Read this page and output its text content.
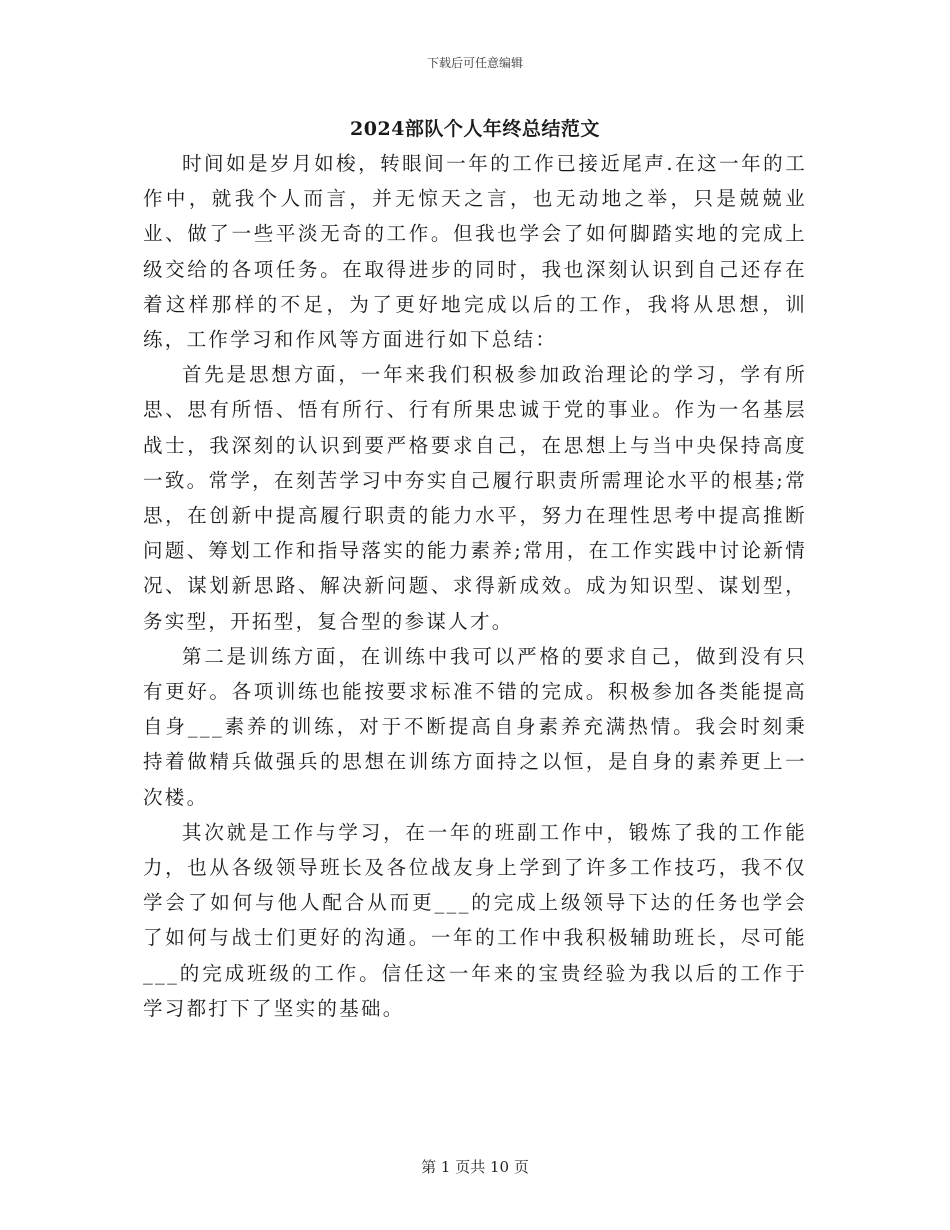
下载后可任意编辑
2024部队个人年终总结范文

时间如是岁月如梭，转眼间一年的工作已接近尾声.在这一年的工作中，就我个人而言，并无惊天之言，也无动地之举，只是兢兢业业、做了一些平淡无奇的工作。但我也学会了如何脚踏实地的完成上级交给的各项任务。在取得进步的同时，我也深刻认识到自己还存在着这样那样的不足，为了更好地完成以后的工作，我将从思想，训练，工作学习和作风等方面进行如下总结：

首先是思想方面，一年来我们积极参加政治理论的学习，学有所思、思有所悟、悟有所行、行有所果忠诚于党的事业。作为一名基层战士，我深刻的认识到要严格要求自己，在思想上与当中央保持高度一致。常学，在刻苦学习中夯实自己履行职责所需理论水平的根基;常思，在创新中提高履行职责的能力水平，努力在理性思考中提高推断问题、筹划工作和指导落实的能力素养;常用，在工作实践中讨论新情况、谋划新思路、解决新问题、求得新成效。成为知识型、谋划型，务实型，开拓型，复合型的参谋人才。

第二是训练方面，在训练中我可以严格的要求自己，做到没有只有更好。各项训练也能按要求标准不错的完成。积极参加各类能提高自身___素养的训练，对于不断提高自身素养充满热情。我会时刻秉持着做精兵做强兵的思想在训练方面持之以恒，是自身的素养更上一次楼。

其次就是工作与学习，在一年的班副工作中，锻炼了我的工作能力，也从各级领导班长及各位战友身上学到了许多工作技巧，我不仅学会了如何与他人配合从而更___的完成上级领导下达的任务也学会了如何与战士们更好的沟通。一年的工作中我积极辅助班长，尽可能___的完成班级的工作。信任这一年来的宝贵经验为我以后的工作于学习都打下了坚实的基础。

第 1 页共 10 页
